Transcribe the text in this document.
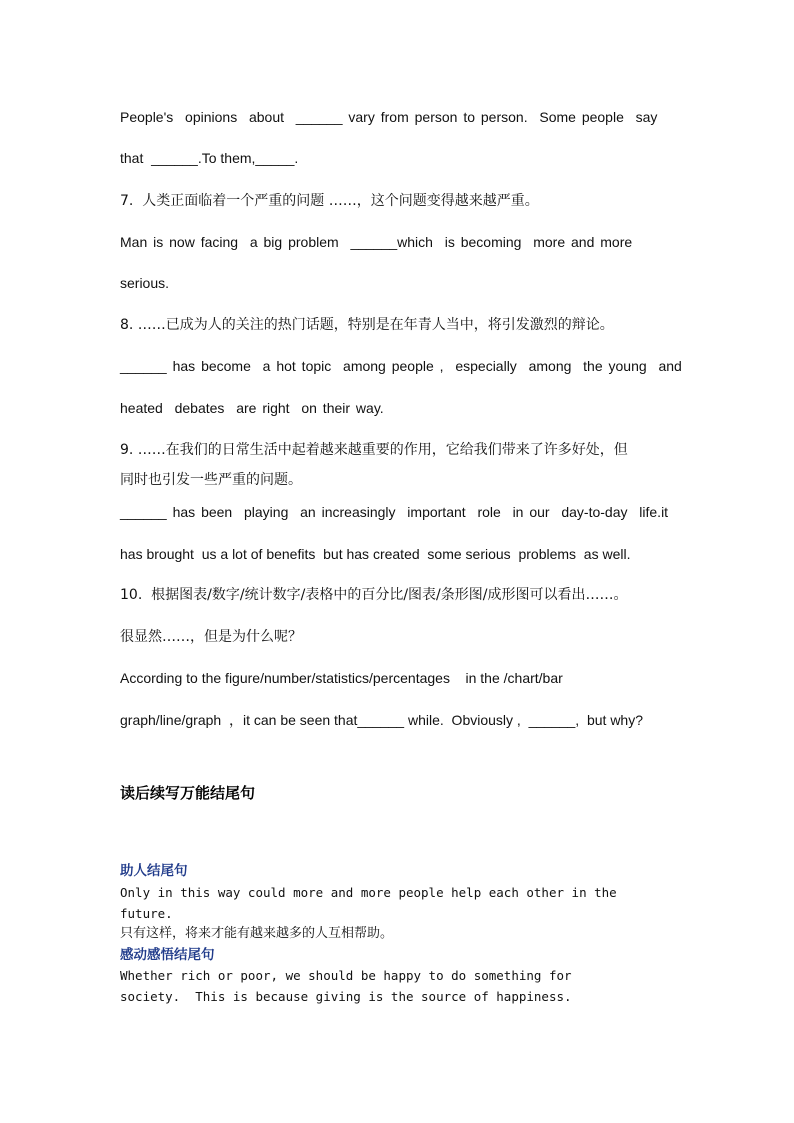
People's  opinions  about  ______ vary from person to person.  Some people  say
that  ______.To them,_____.
7.  人类正面临着一个严重的问题 ……，这个问题变得越来越严重。
Man is now facing  a big problem  ______which  is becoming  more and more
serious.
8. ……已成为人的关注的热门话题，特别是在年青人当中，将引发激烈的辩论。
______ has become  a hot topic  among people ,  especially  among  the young  and
heated  debates  are right  on their way.
9. ……在我们的日常生活中起着越来越重要的作用，它给我们带来了许多好处，但
同时也引发一些严重的问题。
______ has been  playing  an increasingly  important  role  in our  day-to-day  life.it
has brought  us a lot of benefits  but has created  some serious  problems  as well.
10.  根据图表/数字/统计数字/表格中的百分比/图表/条形图/成形图可以看出……。
很显然……，但是为什么呢？
According to the figure/number/statistics/percentages    in the /chart/bar
graph/line/graph  ，it can be seen that______ while.  Obviously ,  ______,  but why?
读后续写万能结尾句
助人结尾句
Only in this way could more and more people help each other in the
future.
只有这样，将来才能有越来越多的人互相帮助。
感动感悟结尾句
Whether rich or poor, we should be happy to do something for
society.  This is because giving is the source of happiness.
